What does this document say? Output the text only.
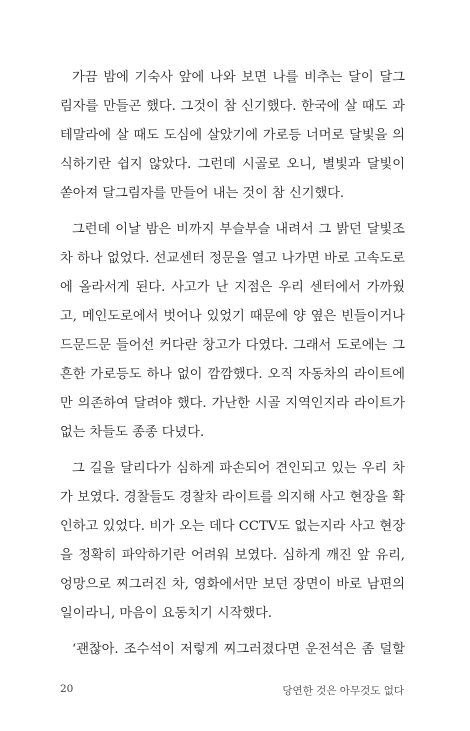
가끔 밤에 기숙사 앞에 나와 보면 나를 비추는 달이 달그
림자를 만들곤 했다. 그것이 참 신기했다. 한국에 살 때도 과
테말라에 살 때도 도심에 살았기에 가로등 너머로 달빛을 의
식하기란 쉽지 않았다. 그런데 시골로 오니, 별빛과 달빛이
쏟아져 달그림자를 만들어 내는 것이 참 신기했다.
그런데 이날 밤은 비까지 부슬부슬 내려서 그 밝던 달빛조
차 하나 없었다. 선교센터 정문을 열고 나가면 바로 고속도로
에 올라서게 된다. 사고가 난 지점은 우리 센터에서 가까웠
고, 메인도로에서 벗어나 있었기 때문에 양 옆은 빈들이거나
드문드문 들어선 커다란 창고가 다였다. 그래서 도로에는 그
흔한 가로등도 하나 없이 깜깜했다. 오직 자동차의 라이트에
만 의존하여 달려야 했다. 가난한 시골 지역인지라 라이트가
없는 차들도 종종 다녔다.
그 길을 달리다가 심하게 파손되어 견인되고 있는 우리 차
가 보였다. 경찰들도 경찰차 라이트를 의지해 사고 현장을 확
인하고 있었다. 비가 오는 데다 CCTV도 없는지라 사고 현장
을 정확히 파악하기란 어려워 보였다. 심하게 깨진 앞 유리,
엉망으로 찌그러진 차, 영화에서만 보던 장면이 바로 남편의
일이라니, 마음이 요동치기 시작했다.
‘괜찮아. 조수석이 저렇게 찌그러졌다면 운전석은 좀 덜할
20	당연한 것은 아무것도 없다
